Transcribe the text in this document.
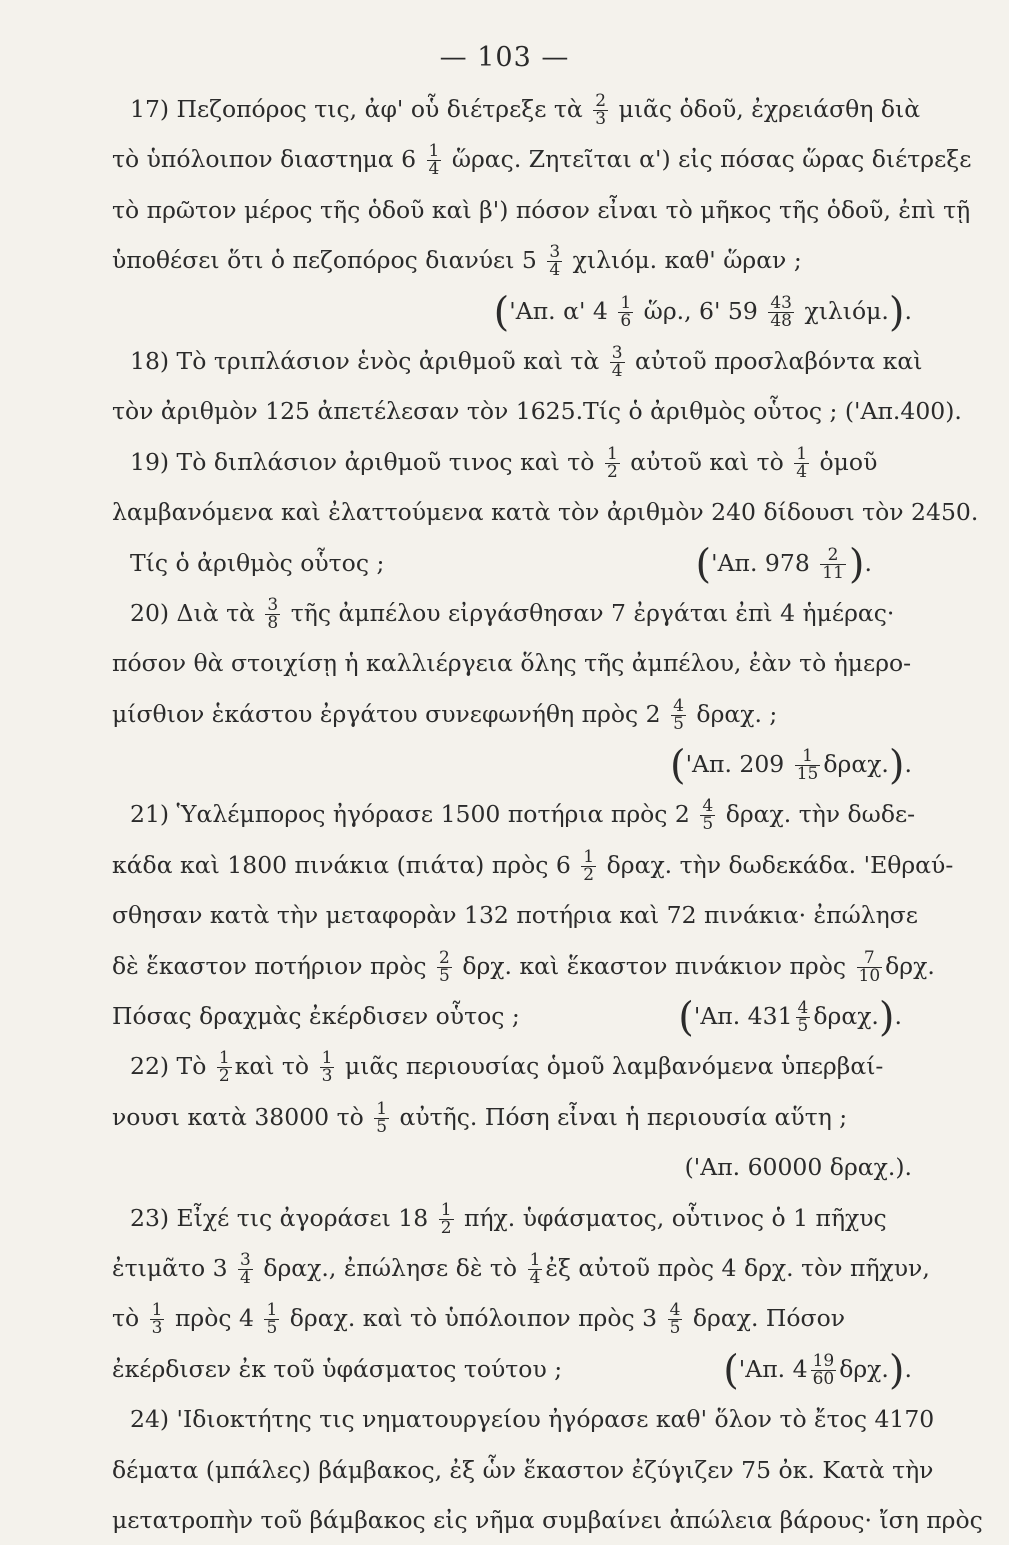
— 103 —
17) Πεζοπόρος τις, ἀφ' οὗ διέτρεξε τὰ $\frac{2}{3}$ μιᾶς ὁδοῦ, ἐχρειάσθη διὰ
τὸ ὑπόλοιπον διαστημα $6 \frac{1}{4}$ ὥρας. Ζητεῖται α') εἰς πόσας ὥρας διέτρεξε
τὸ πρῶτον μέρος τῆς ὁδοῦ καὶ β') πόσον εἶναι τὸ μῆκος τῆς ὁδοῦ, ἐπὶ τῇ
ὑποθέσει ὅτι ὁ πεζοπόρος διανύει $5 \frac{3}{4} \chi\iota\lambda\iota ό\mu$. καθ' ὥραν ;
('Απ. α' $4 \frac{1}{6}$ ὥρ., 6' $59 \frac{43}{48} \chi\iota\lambda\iota ό\mu$.).
18) Τὸ τριπλάσιον ἑνὸς ἀριθμοῦ καὶ τὰ $\frac{3}{4}$ αὐτοῦ προσλαβόντα καὶ
τὸν ἀριθμὸν 125 ἀπετέλεσαν τὸν 1625.Τίς ὁ ἀριθμὸς οὗτος ; ('Απ.400).
19) Τὸ διπλάσιον ἀριθμοῦ τινος καὶ τὸ $\frac{1}{2}$ αὐτοῦ καὶ τὸ $\frac{1}{4}$ ὁμοῦ
λαμβανόμενα καὶ ἐλαττούμενα κατὰ τὸν ἀριθμὸν 240 δίδουσι τὸν 2450.
Τίς ὁ ἀριθμὸς οὗτος ;	('Απ. $978 \frac{2}{11}$ ).
20) Διὰ τὰ $\frac{3}{8}$ τῆς ἀμπέλου εἰργάσθησαν 7 ἐργάται ἐπὶ 4 ἡμέρας·
πόσον θὰ στοιχίσῃ ἡ καλλιέργεια ὅλης τῆς ἀμπέλου, ἐὰν τὸ ἡμερο-
μίσθιον ἑκάστου ἐργάτου συνεφωνήθη πρὸς $2 \frac{4}{5} \delta\rho\alpha\chi$. ;
('Απ. $209 \frac{1}{15} \delta\rho\alpha\chi$.).
21) Ὑαλέμπορος ἠγόρασε 1500 ποτήρια πρὸς $2 \frac{4}{5} \delta\rho\alpha\chi$. τὴν δωδε-
κάδα καὶ 1800 πινάκια (πιάτα) πρὸς $6 \frac{1}{2} \delta\rho\alpha\chi$. τὴν δωδεκάδα. 'Εθραύ-
σθησαν κατὰ τὴν μεταφορὰν 132 ποτήρια καὶ 72 πινάκια· ἐπώλησε
δὲ ἕκαστον ποτήριον πρὸς $\frac{2}{5} \delta\rho\chi$. καὶ ἕκαστον πινάκιον πρὸς $\frac{7}{10} \delta\rho\chi$.
Πόσας δραχμὰς ἐκέρδισεν οὗτος ;	('Απ. $431 \frac{4}{5} \delta\rho\alpha\chi$.).
22) Τὸ $\frac{1}{2}$ καὶ τὸ $\frac{1}{3}$ μιᾶς περιουσίας ὁμοῦ λαμβανόμενα ὑπερβαί-
νουσι κατὰ 38000 τὸ $\frac{1}{5}$ αὐτῆς. Πόση εἶναι ἡ περιουσία αὕτη ;
('Απ. 60000 δραχ.).
23) Εἶχέ τις ἀγοράσει $18 \frac{1}{2} \pi ή\chi$. ὑφάσματος, οὗτινος ὁ 1 πῆχυς
ἐτιμᾶτο $3 \frac{3}{4} \delta\rho\alpha\chi$., ἐπώλησε δὲ τὸ $\frac{1}{4}$ ἐξ αὐτοῦ πρὸς 4 δρχ. τὸν πῆχυν,
τὸ $\frac{1}{3}$ πρὸς $4 \frac{1}{5} \delta\rho\alpha\chi$. καὶ τὸ ὑπόλοιπον πρὸς $3 \frac{4}{5} \delta\rho\alpha\chi$. Πόσον
ἐκέρδισεν ἐκ τοῦ ὑφάσματος τούτου ;	('Απ. $4 \frac{19}{60} \delta\rho\chi$.).
24) 'Ιδιοκτήτης τις νηματουργείου ἠγόρασε καθ' ὅλον τὸ ἔτος 4170
δέματα (μπάλες) βάμβακος, ἐξ ὧν ἕκαστον ἐζύγιζεν 75 ὀκ. Κατὰ τὴν
μετατροπὴν τοῦ βάμβακος εἰς νῆμα συμβαίνει ἀπώλεια βάρους· ἴση πρὸς
